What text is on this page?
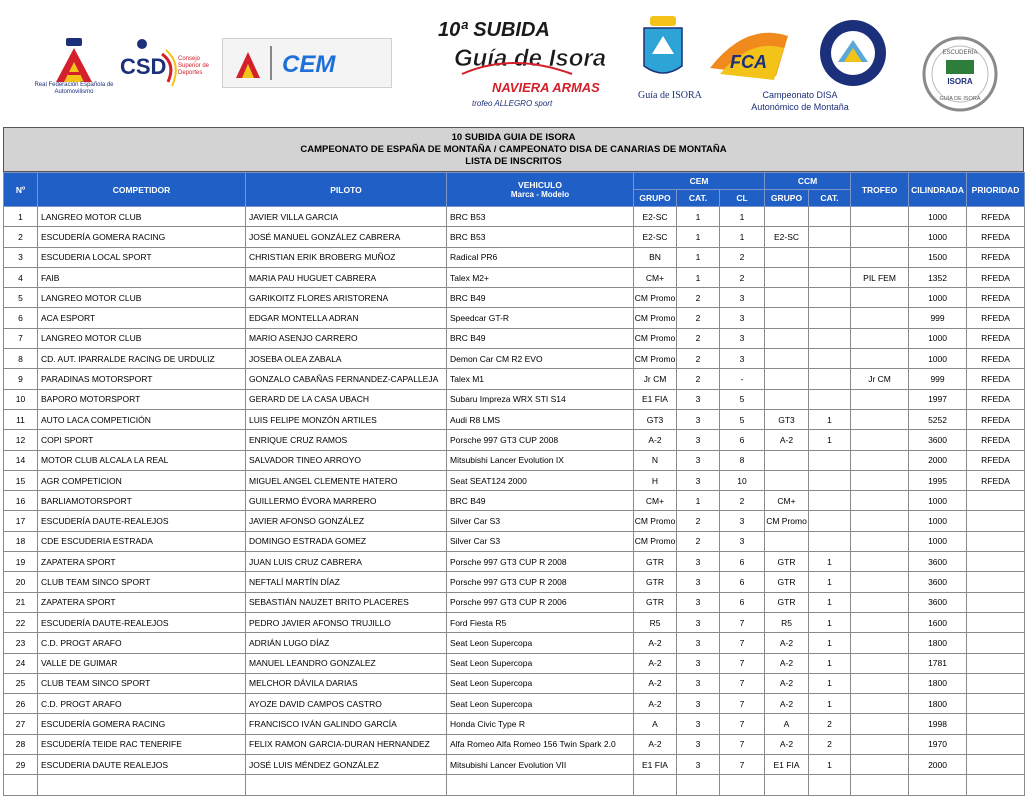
Real Federación Española de Automovilismo
CSD Consejo Superior de Deportes	CEM
10ª SUBIDA
Guía de Isora
NAVIERA ARMAS
trofeo ALLEGRO sport
Guía de ISORA
FCA
Campeonato DISA
Autonómico de Montaña
ESCUDERÍA
ISORA
GUÍA DE ISORA
10 SUBIDA GUIA DE ISORA
CAMPEONATO DE ESPAÑA DE MONTAÑA / CAMPEONATO DISA DE CANARIAS DE MONTAÑA
LISTA DE INSCRITOS
Nº	COMPETIDOR	PILOTO	VEHICULO
Marca - Modelo	CEM			CCM		TROFEO	CILINDRADA	PRIORIDAD
				GRUPO	CAT.	CL	GRUPO	CAT.			
1	LANGREO MOTOR CLUB	JAVIER VILLA GARCIA	BRC B53	E2-SC	1	1				1000	RFEDA
2	ESCUDERÍA GOMERA RACING	JOSÉ MANUEL GONZÁLEZ CABRERA	BRC B53	E2-SC	1	1	E2-SC			1000	RFEDA
3	ESCUDERIA LOCAL SPORT	CHRISTIAN ERIK BROBERG MUÑOZ	Radical PR6	BN	1	2				1500	RFEDA
4	FAIB	MARIA PAU HUGUET CABRERA	Talex M2+	CM+	1	2			PIL FEM	1352	RFEDA
5	LANGREO MOTOR CLUB	GARIKOITZ FLORES ARISTORENA	BRC B49	CM Promo	2	3				1000	RFEDA
6	ACA ESPORT	EDGAR MONTELLA ADRAN	Speedcar GT-R	CM Promo	2	3				999	RFEDA
7	LANGREO MOTOR CLUB	MARIO ASENJO CARRERO	BRC B49	CM Promo	2	3				1000	RFEDA
8	CD. AUT. IPARRALDE RACING DE URDULIZ	JOSEBA OLEA ZABALA	Demon Car CM R2 EVO	CM Promo	2	3				1000	RFEDA
9	PARADINAS MOTORSPORT	GONZALO CABAÑAS FERNANDEZ-CAPALLEJA	Talex M1	Jr CM	2	-			Jr CM	999	RFEDA
10	BAPORO MOTORSPORT	GERARD DE LA CASA UBACH	Subaru Impreza WRX STI S14	E1 FIA	3	5				1997	RFEDA
11	AUTO LACA COMPETICIÓN	LUIS FELIPE MONZÓN ARTILES	Audi R8 LMS	GT3	3	5	GT3	1		5252	RFEDA
12	COPI SPORT	ENRIQUE CRUZ RAMOS	Porsche 997 GT3 CUP 2008	A-2	3	6	A-2	1		3600	RFEDA
14	MOTOR CLUB ALCALA LA REAL	SALVADOR TINEO ARROYO	Mitsubishi Lancer Evolution IX	N	3	8				2000	RFEDA
15	AGR COMPETICION	MIGUEL ANGEL CLEMENTE HATERO	Seat SEAT124 2000	H	3	10				1995	RFEDA
16	BARLIAMOTORSPORT	GUILLERMO ÉVORA MARRERO	BRC B49	CM+	1	2	CM+			1000	
17	ESCUDERÍA DAUTE-REALEJOS	JAVIER AFONSO GONZÁLEZ	Silver Car S3	CM Promo	2	3	CM Promo			1000	
18	CDE ESCUDERIA ESTRADA	DOMINGO ESTRADA GOMEZ	Silver Car S3	CM Promo	2	3				1000	
19	ZAPATERA SPORT	JUAN LUIS CRUZ CABRERA	Porsche 997 GT3 CUP R 2008	GTR	3	6	GTR	1		3600	
20	CLUB TEAM SINCO SPORT	NEFTALÍ MARTÍN DÍAZ	Porsche 997 GT3 CUP R 2008	GTR	3	6	GTR	1		3600	
21	ZAPATERA SPORT	SEBASTIÁN NAUZET BRITO PLACERES	Porsche 997 GT3 CUP R 2006	GTR	3	6	GTR	1		3600	
22	ESCUDERÍA DAUTE-REALEJOS	PEDRO JAVIER AFONSO TRUJILLO	Ford Fiesta R5	R5	3	7	R5	1		1600	
23	C.D. PROGT ARAFO	ADRIÁN LUGO DÍAZ	Seat Leon Supercopa	A-2	3	7	A-2	1		1800	
24	VALLE DE GUIMAR	MANUEL LEANDRO GONZALEZ	Seat Leon Supercopa	A-2	3	7	A-2	1		1781	
25	CLUB TEAM SINCO SPORT	MELCHOR DÁVILA DARIAS	Seat Leon Supercopa	A-2	3	7	A-2	1		1800	
26	C.D. PROGT ARAFO	AYOZE DAVID CAMPOS CASTRO	Seat Leon Supercopa	A-2	3	7	A-2	1		1800	
27	ESCUDERÍA GOMERA RACING	FRANCISCO IVÁN GALINDO GARCÍA	Honda Civic Type R	A	3	7	A	2		1998	
28	ESCUDERÍA TEIDE RAC TENERIFE	FELIX RAMON GARCIA-DURAN HERNANDEZ	Alfa Romeo Alfa Romeo 156 Twin Spark 2.0	A-2	3	7	A-2	2		1970	
29	ESCUDERIA DAUTE REALEJOS	JOSÉ LUIS MÉNDEZ GONZÁLEZ	Mitsubishi Lancer Evolution VII	E1 FIA	3	7	E1 FIA	1		2000	
